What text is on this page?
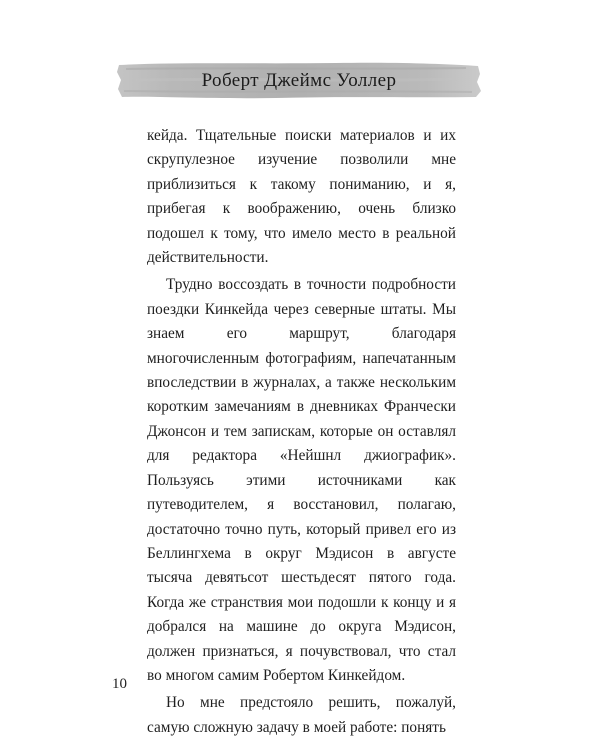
Роберт Джеймс Уоллер

кейда. Тщательные поиски материалов и их скрупулезное изучение позволили мне приблизиться к такому пониманию, и я, прибегая к воображению, очень близко подошел к тому, что имело место в реальной действительности.

Трудно воссоздать в точности подробности поездки Кинкейда через северные штаты. Мы знаем его маршрут, благодаря многочисленным фотографиям, напечатанным впоследствии в журналах, а также нескольким коротким замечаниям в дневниках Франчески Джонсон и тем запискам, которые он оставлял для редактора «Нейшнл джиографик». Пользуясь этими источниками как путеводителем, я восстановил, полагаю, достаточно точно путь, который привел его из Беллингхема в округ Мэдисон в августе тысяча девятьсот шестьдесят пятого года. Когда же странствия мои подошли к концу и я добрался на машине до округа Мэдисон, должен признаться, я почувствовал, что стал во многом самим Робертом Кинкейдом.

Но мне предстояло решить, пожалуй, самую сложную задачу в моей работе: понять

10
